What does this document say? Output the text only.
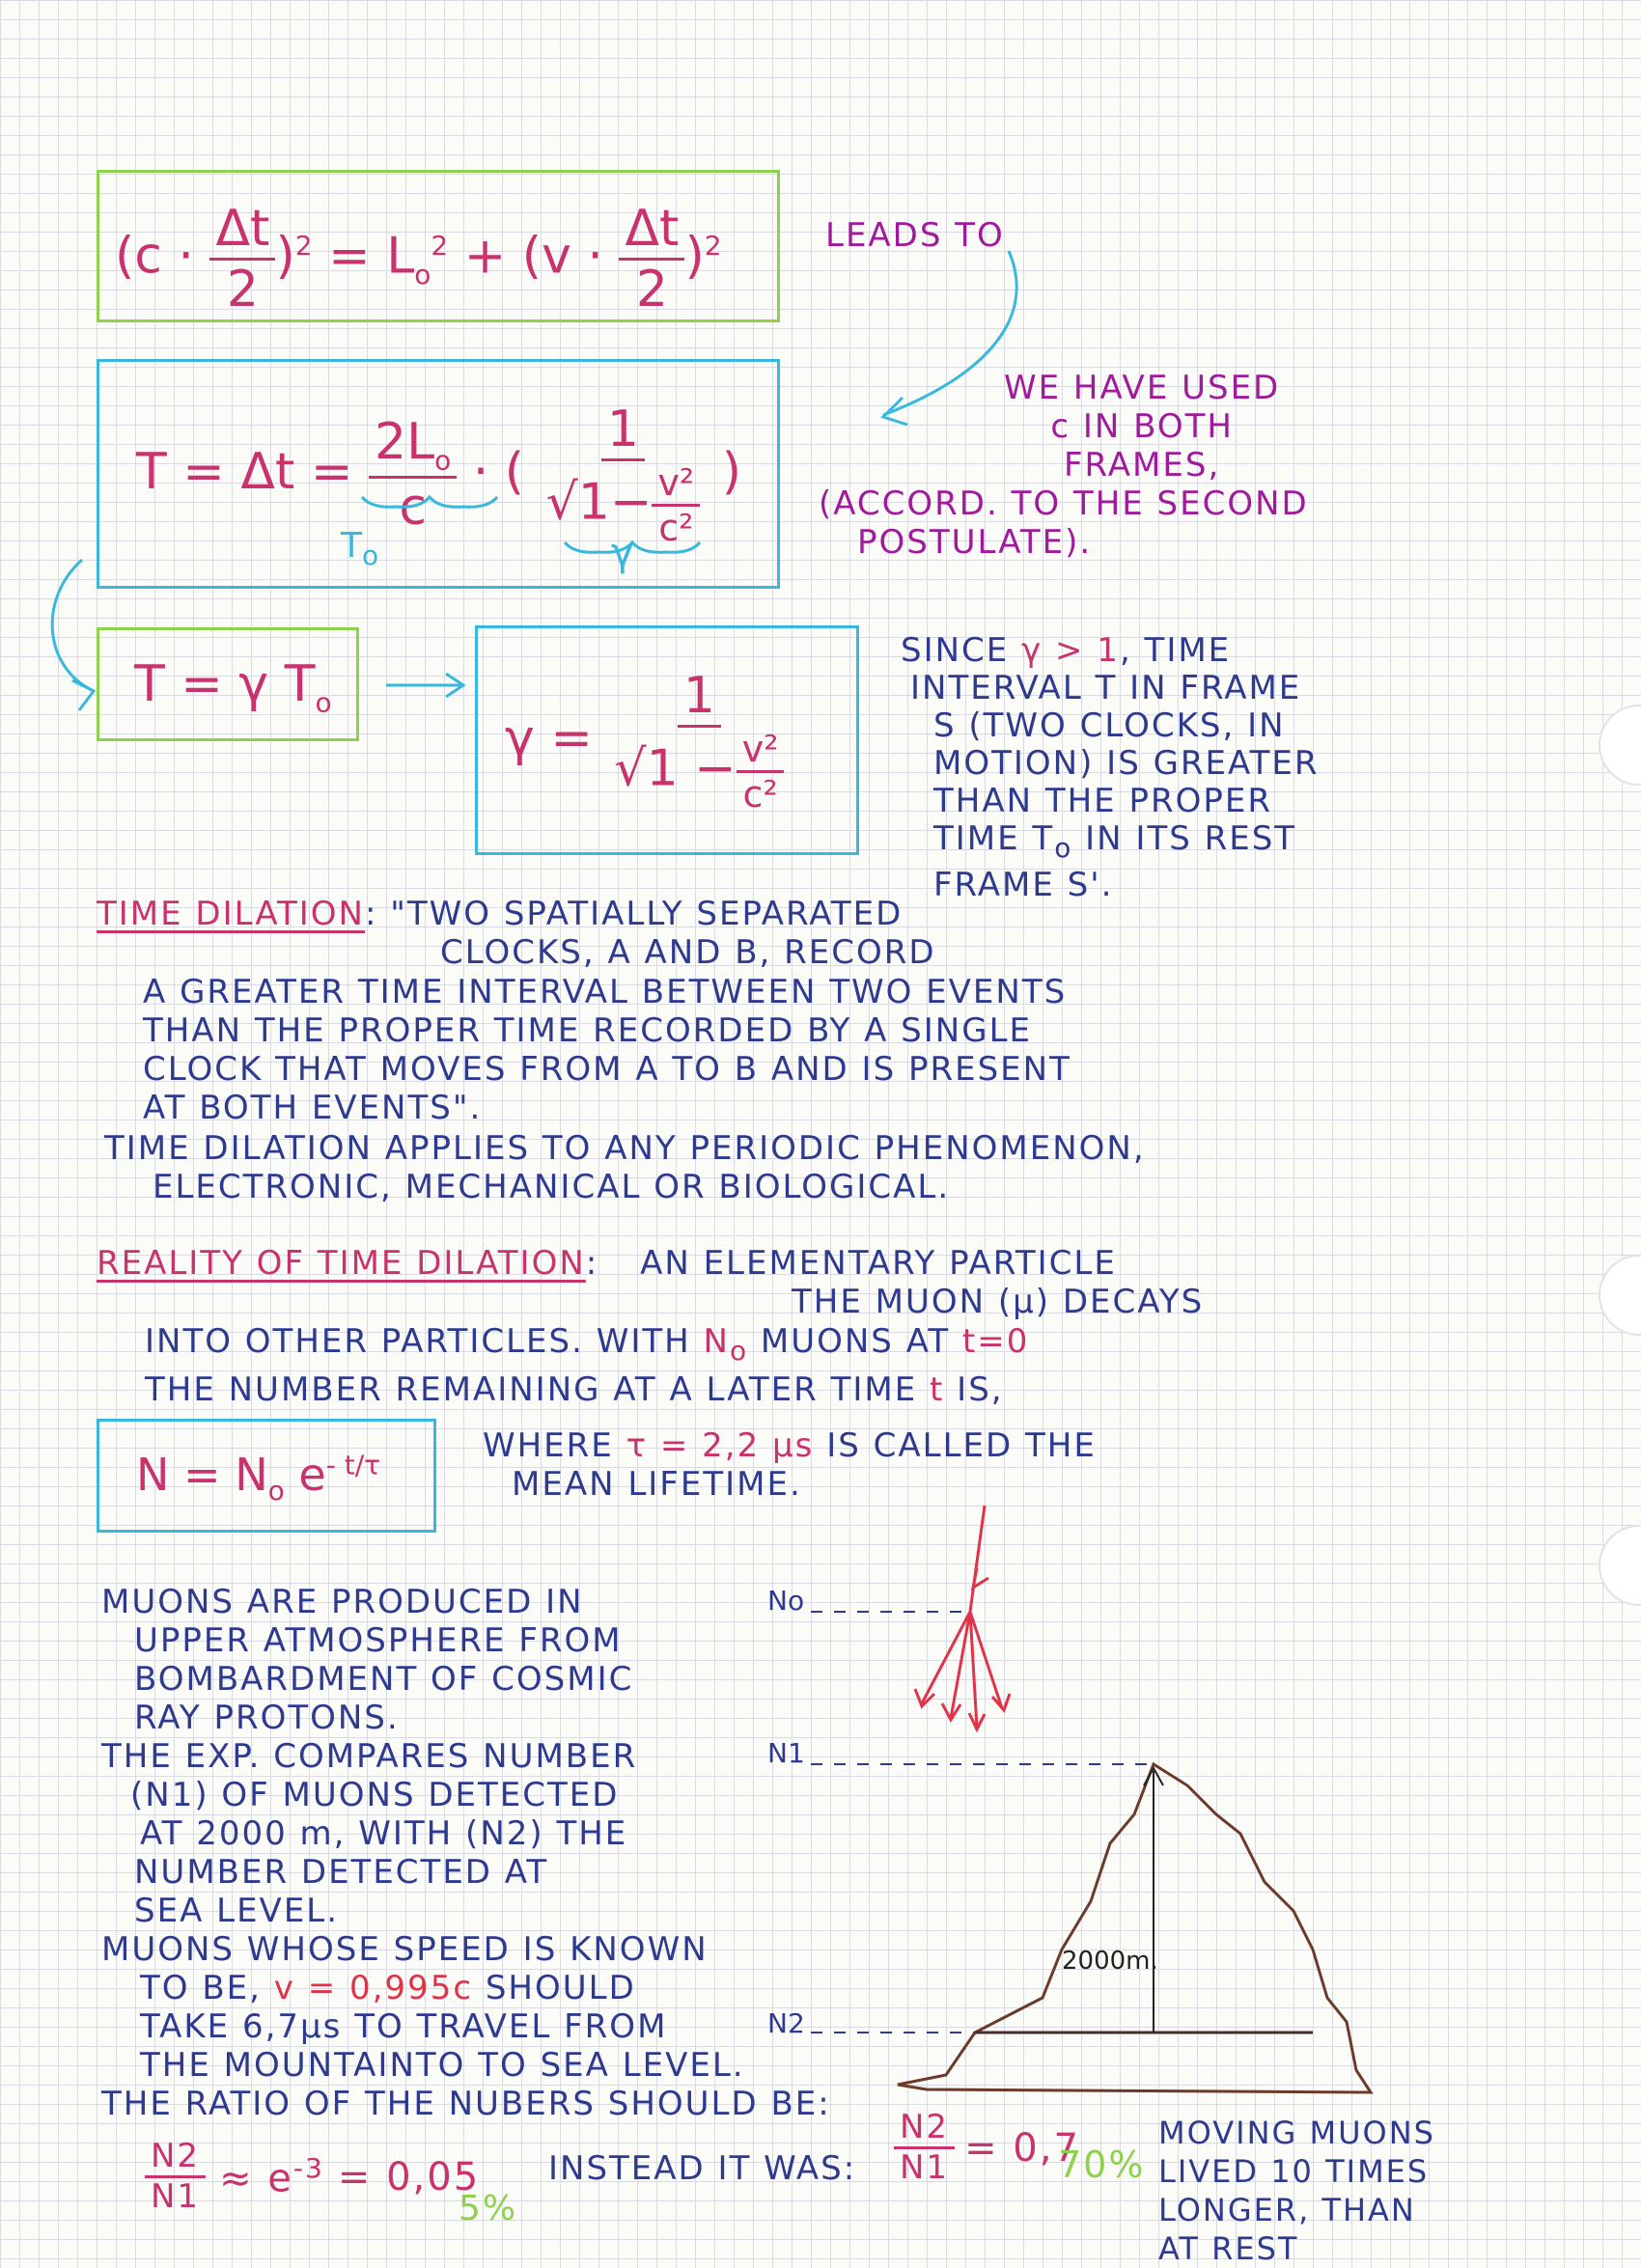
$(c \cdot \frac{\Delta t}{2} )^2 = L_o^2 + (v \cdot \frac{\Delta t}{2} )^2$	LEADS TO
$T = \Delta t = \frac{2L_o}{c}$ · ( $\frac{1}{√1- \frac{\text{v²}}{\text{c²}}}$ )
$T_o$	γ
WE HAVE USED
c IN BOTH
FRAMES,
(ACCORD. TO THE SECOND
POSTULATE).
T = γ $T_o$
$\gamma = \frac{1}{√1 - \frac{\text{v²}}{\text{c²}}}$
SINCE γ > 1, TIME
INTERVAL T IN FRAME
S (TWO CLOCKS, IN
MOTION) IS GREATER
THAN THE PROPER
TIME $T_o$ IN ITS REST
FRAME S'.
TIME DILATION: "TWO SPATIALLY SEPARATED
CLOCKS, A AND B, RECORD
A GREATER TIME INTERVAL BETWEEN TWO EVENTS
THAN THE PROPER TIME RECORDED BY A SINGLE
CLOCK THAT MOVES FROM A TO B AND IS PRESENT
AT BOTH EVENTS".
TIME DILATION APPLIES TO ANY PERIODIC PHENOMENON,
ELECTRONIC, MECHANICAL OR BIOLOGICAL.
REALITY OF TIME DILATION: AN ELEMENTARY PARTICLE
THE MUON (μ) DECAYS
INTO OTHER PARTICLES. WITH $N_o$ MUONS AT t=0
THE NUMBER REMAINING AT A LATER TIME t IS,
$N = N_o$ $e^{- t/\tau}$
WHERE τ = 2,2 μs IS CALLED THE
MEAN LIFETIME.
MUONS ARE PRODUCED IN
UPPER ATMOSPHERE FROM
BOMBARDMENT OF COSMIC
RAY PROTONS.
THE EXP. COMPARES NUMBER
(N1) OF MUONS DETECTED
AT 2000 m, WITH (N2) THE
NUMBER DETECTED AT
SEA LEVEL.
MUONS WHOSE SPEED IS KNOWN
TO BE, v = 0,995c SHOULD
TAKE 6,7μs TO TRAVEL FROM
THE MOUNTAINTO TO SEA LEVEL.
THE RATIO OF THE NUBERS SHOULD BE:
No
N1
N2
2000m.
$\frac{N2}{N1} \approx e^{-3} = 0,05$
5%
INSTEAD IT WAS: $\frac{N2}{N1} = 0,7$
70%
MOVING MUONS
LIVED 10 TIMES
LONGER, THAN
AT REST
